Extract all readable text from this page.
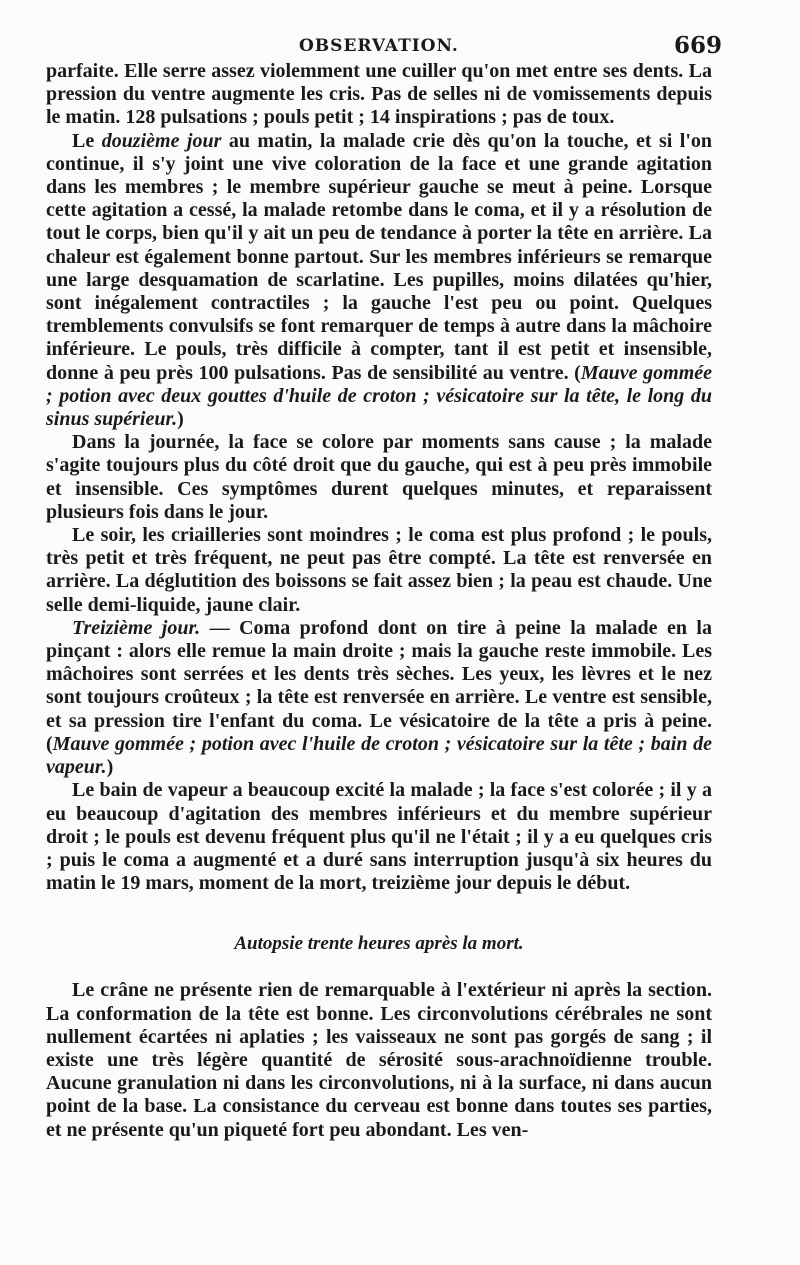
OBSERVATION.	669

parfaite. Elle serre assez violemment une cuiller qu'on met entre ses dents. La pression du ventre augmente les cris. Pas de selles ni de vomissements depuis le matin. 128 pulsations ; pouls petit ; 14 inspirations ; pas de toux.

Le douzième jour au matin, la malade crie dès qu'on la touche, et si l'on continue, il s'y joint une vive coloration de la face et une grande agitation dans les membres ; le membre supérieur gauche se meut à peine. Lorsque cette agitation a cessé, la malade retombe dans le coma, et il y a résolution de tout le corps, bien qu'il y ait un peu de tendance à porter la tête en arrière. La chaleur est également bonne partout. Sur les membres inférieurs se remarque une large desquamation de scarlatine. Les pupilles, moins dilatées qu'hier, sont inégalement contractiles ; la gauche l'est peu ou point. Quelques tremblements convulsifs se font remarquer de temps à autre dans la mâchoire inférieure. Le pouls, très difficile à compter, tant il est petit et insensible, donne à peu près 100 pulsations. Pas de sensibilité au ventre. (Mauve gommée ; potion avec deux gouttes d'huile de croton ; vésicatoire sur la tête, le long du sinus supérieur.)

Dans la journée, la face se colore par moments sans cause ; la malade s'agite toujours plus du côté droit que du gauche, qui est à peu près immobile et insensible. Ces symptômes durent quelques minutes, et reparaissent plusieurs fois dans le jour.

Le soir, les criailleries sont moindres ; le coma est plus profond ; le pouls, très petit et très fréquent, ne peut pas être compté. La tête est renversée en arrière. La déglutition des boissons se fait assez bien ; la peau est chaude. Une selle demi-liquide, jaune clair.

Treizième jour. — Coma profond dont on tire à peine la malade en la pinçant : alors elle remue la main droite ; mais la gauche reste immobile. Les mâchoires sont serrées et les dents très sèches. Les yeux, les lèvres et le nez sont toujours croûteux ; la tête est renversée en arrière. Le ventre est sensible, et sa pression tire l'enfant du coma. Le vésicatoire de la tête a pris à peine. (Mauve gommée ; potion avec l'huile de croton ; vésicatoire sur la tête ; bain de vapeur.)

Le bain de vapeur a beaucoup excité la malade ; la face s'est colorée ; il y a eu beaucoup d'agitation des membres inférieurs et du membre supérieur droit ; le pouls est devenu fréquent plus qu'il ne l'était ; il y a eu quelques cris ; puis le coma a augmenté et a duré sans interruption jusqu'à six heures du matin le 19 mars, moment de la mort, treizième jour depuis le début.

Autopsie trente heures après la mort.

Le crâne ne présente rien de remarquable à l'extérieur ni après la section. La conformation de la tête est bonne. Les circonvolutions cérébrales ne sont nullement écartées ni aplaties ; les vaisseaux ne sont pas gorgés de sang ; il existe une très légère quantité de sérosité sous-arachnoïdienne trouble. Aucune granulation ni dans les circonvolutions, ni à la surface, ni dans aucun point de la base. La consistance du cerveau est bonne dans toutes ses parties, et ne présente qu'un piqueté fort peu abondant. Les ven-
